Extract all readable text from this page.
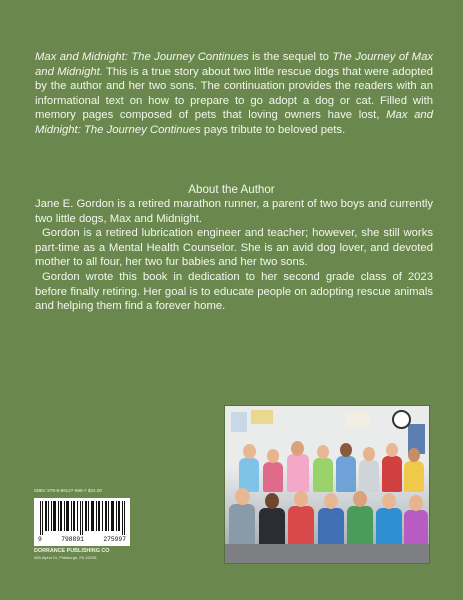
Max and Midnight: The Journey Continues is the sequel to The Journey of Max and Midnight. This is a true story about two little rescue dogs that were adopted by the author and her two sons. The continuation provides the readers with an informational text on how to prepare to go adopt a dog or cat. Filled with memory pages composed of pets that loving owners have lost, Max and Midnight: The Journey Continues pays tribute to beloved pets.
About the Author

Jane E. Gordon is a retired marathon runner, a parent of two boys and currently two little dogs, Max and Midnight.

Gordon is a retired lubrication engineer and teacher; however, she still works part-time as a Mental Health Counselor. She is an avid dog lover, and devoted mother to all four, her two fur babies and her two sons.

Gordon wrote this book in dedication to her second grade class of 2023 before finally retiring. Her goal is to educate people on adopting rescue animals and helping them find a forever home.

ISBN: 979-8-89127-595-7 $24.00
9	798891	275997
DORRANCE PUBLISHING CO
585 Alpha Dr, Pittsburgh, PA 15238
